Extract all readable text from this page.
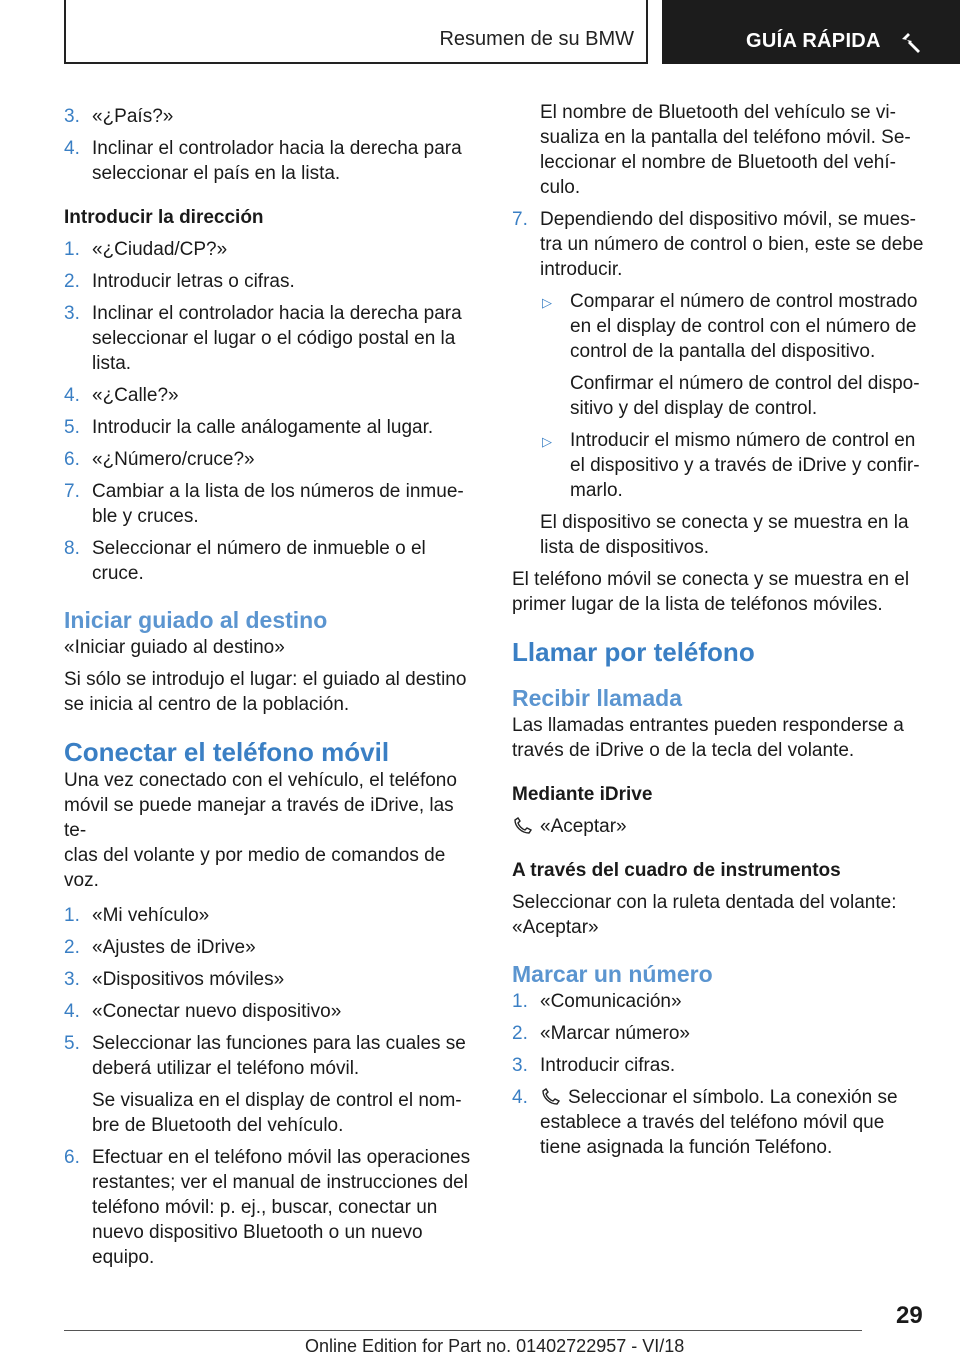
Resumen de su BMW	GUÍA RÁPIDA
3. «¿País?»
4. Inclinar el controlador hacia la derecha para
seleccionar el país en la lista.

Introducir la dirección

1. «¿Ciudad/CP?»
2. Introducir letras o cifras.
3. Inclinar el controlador hacia la derecha para
seleccionar el lugar o el código postal en la
lista.
4. «¿Calle?»
5. Introducir la calle análogamente al lugar.
6. «¿Número/cruce?»
7. Cambiar a la lista de los números de inmue-
ble y cruces.
8. Seleccionar el número de inmueble o el
cruce.

Iniciar guiado al destino

«Iniciar guiado al destino»

Si sólo se introdujo el lugar: el guiado al destino
se inicia al centro de la población.

Conectar el teléfono móvil

Una vez conectado con el vehículo, el teléfono
móvil se puede manejar a través de iDrive, las te-
clas del volante y por medio de comandos de
voz.

1. «Mi vehículo»
2. «Ajustes de iDrive»
3. «Dispositivos móviles»
4. «Conectar nuevo dispositivo»
5. Seleccionar las funciones para las cuales se
deberá utilizar el teléfono móvil.

Se visualiza en el display de control el nom-
bre de Bluetooth del vehículo.

6. Efectuar en el teléfono móvil las operaciones
restantes; ver el manual de instrucciones del
teléfono móvil: p. ej., buscar, conectar un
nuevo dispositivo Bluetooth o un nuevo
equipo.

El nombre de Bluetooth del vehículo se vi-
sualiza en la pantalla del teléfono móvil. Se-
leccionar el nombre de Bluetooth del vehí-
culo.

7. Dependiendo del dispositivo móvil, se mues-
tra un número de control o bien, este se debe
introducir.
▷ Comparar el número de control mostrado
en el display de control con el número de
control de la pantalla del dispositivo.

Confirmar el número de control del dispo-
sitivo y del display de control.

▷ Introducir el mismo número de control en
el dispositivo y a través de iDrive y confir-
marlo.

El dispositivo se conecta y se muestra en la
lista de dispositivos.

El teléfono móvil se conecta y se muestra en el
primer lugar de la lista de teléfonos móviles.

Llamar por teléfono

Recibir llamada

Las llamadas entrantes pueden responderse a
través de iDrive o de la tecla del volante.

Mediante iDrive

«Aceptar»

A través del cuadro de instrumentos

Seleccionar con la ruleta dentada del volante:
«Aceptar»

Marcar un número

1. «Comunicación»
2. «Marcar número»
3. Introducir cifras.
4.	Seleccionar el símbolo. La conexión se
establece a través del teléfono móvil que
tiene asignada la función Teléfono.
29
Online Edition for Part no. 01402722957 - VI/18
